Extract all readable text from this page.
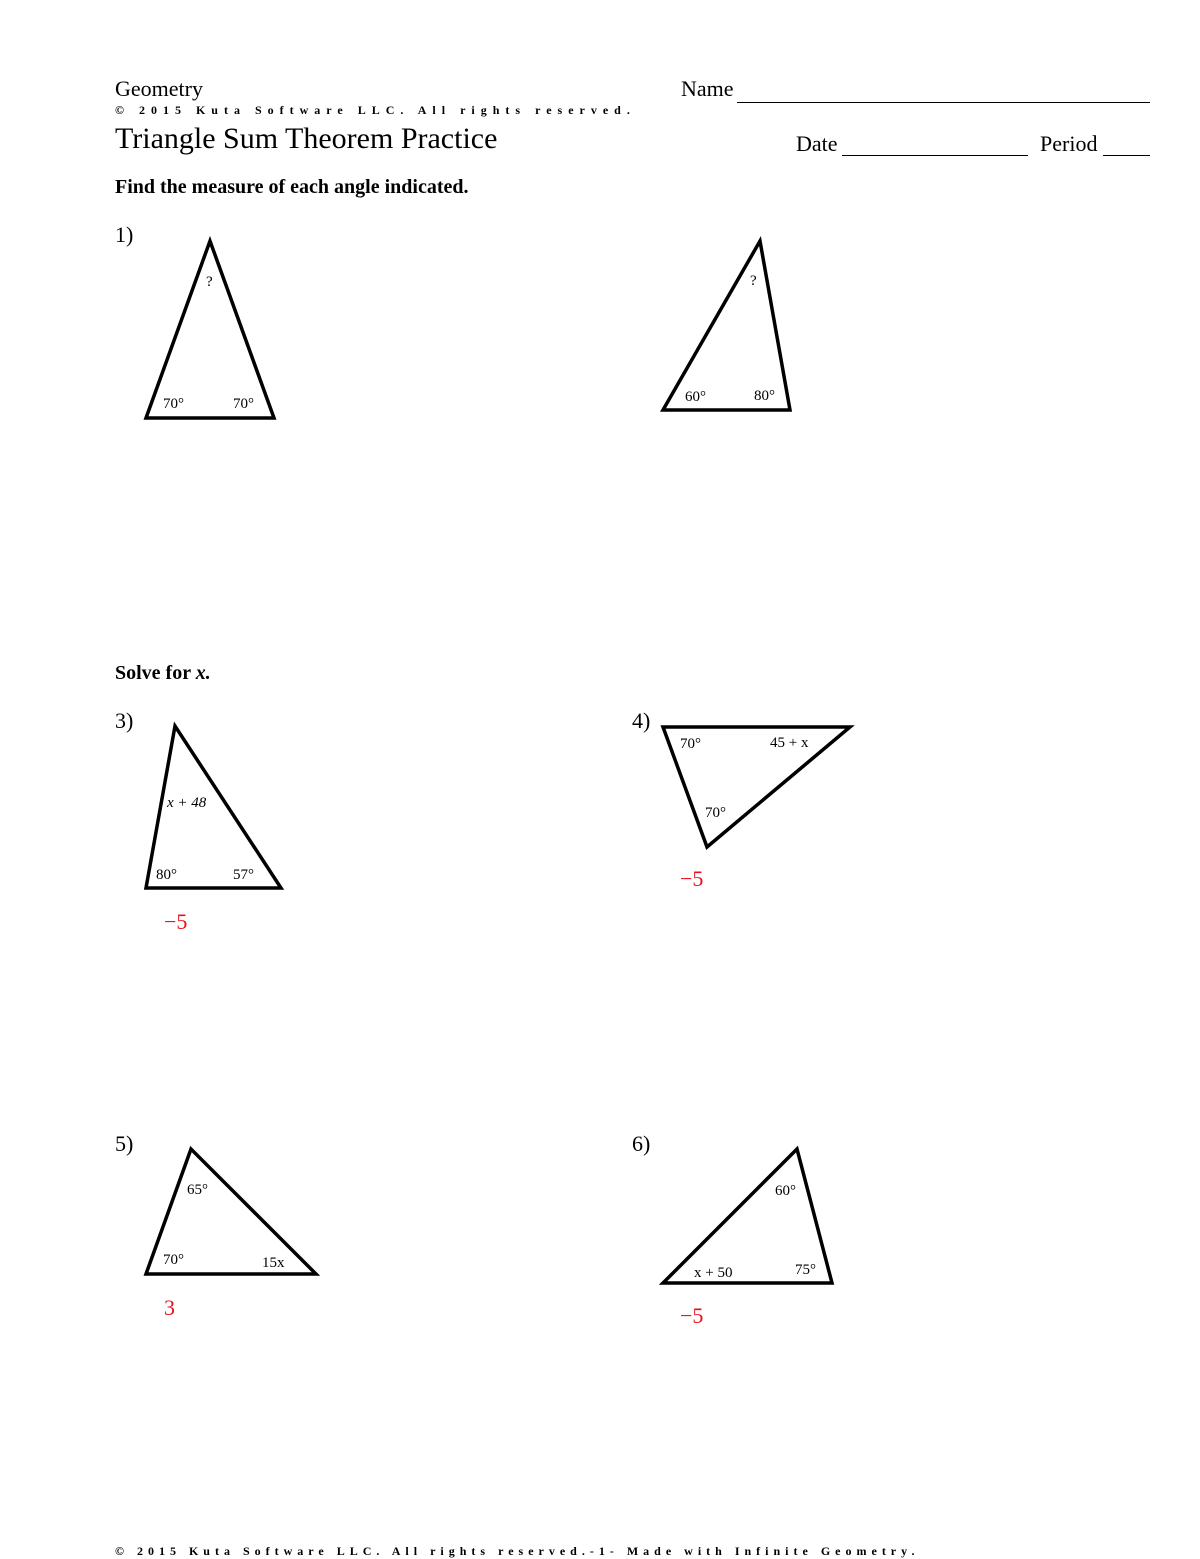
Geometry	Name
© 2015 Kuta Software LLC. All rights reserved.
Triangle Sum Theorem Practice	Date	Period
Find the measure of each angle indicated.
Solve for x.
1)
3)	4)
5)	6)
−5
−5
3	−5
?
70°	70°
?
60°	80°
x + 48
80°	57°
70°	45 + x
70°
65°
70°	15x
60°
x + 50	75°
© 2015 Kuta Software LLC. All rights reserved.-1- Made with Infinite Geometry.
